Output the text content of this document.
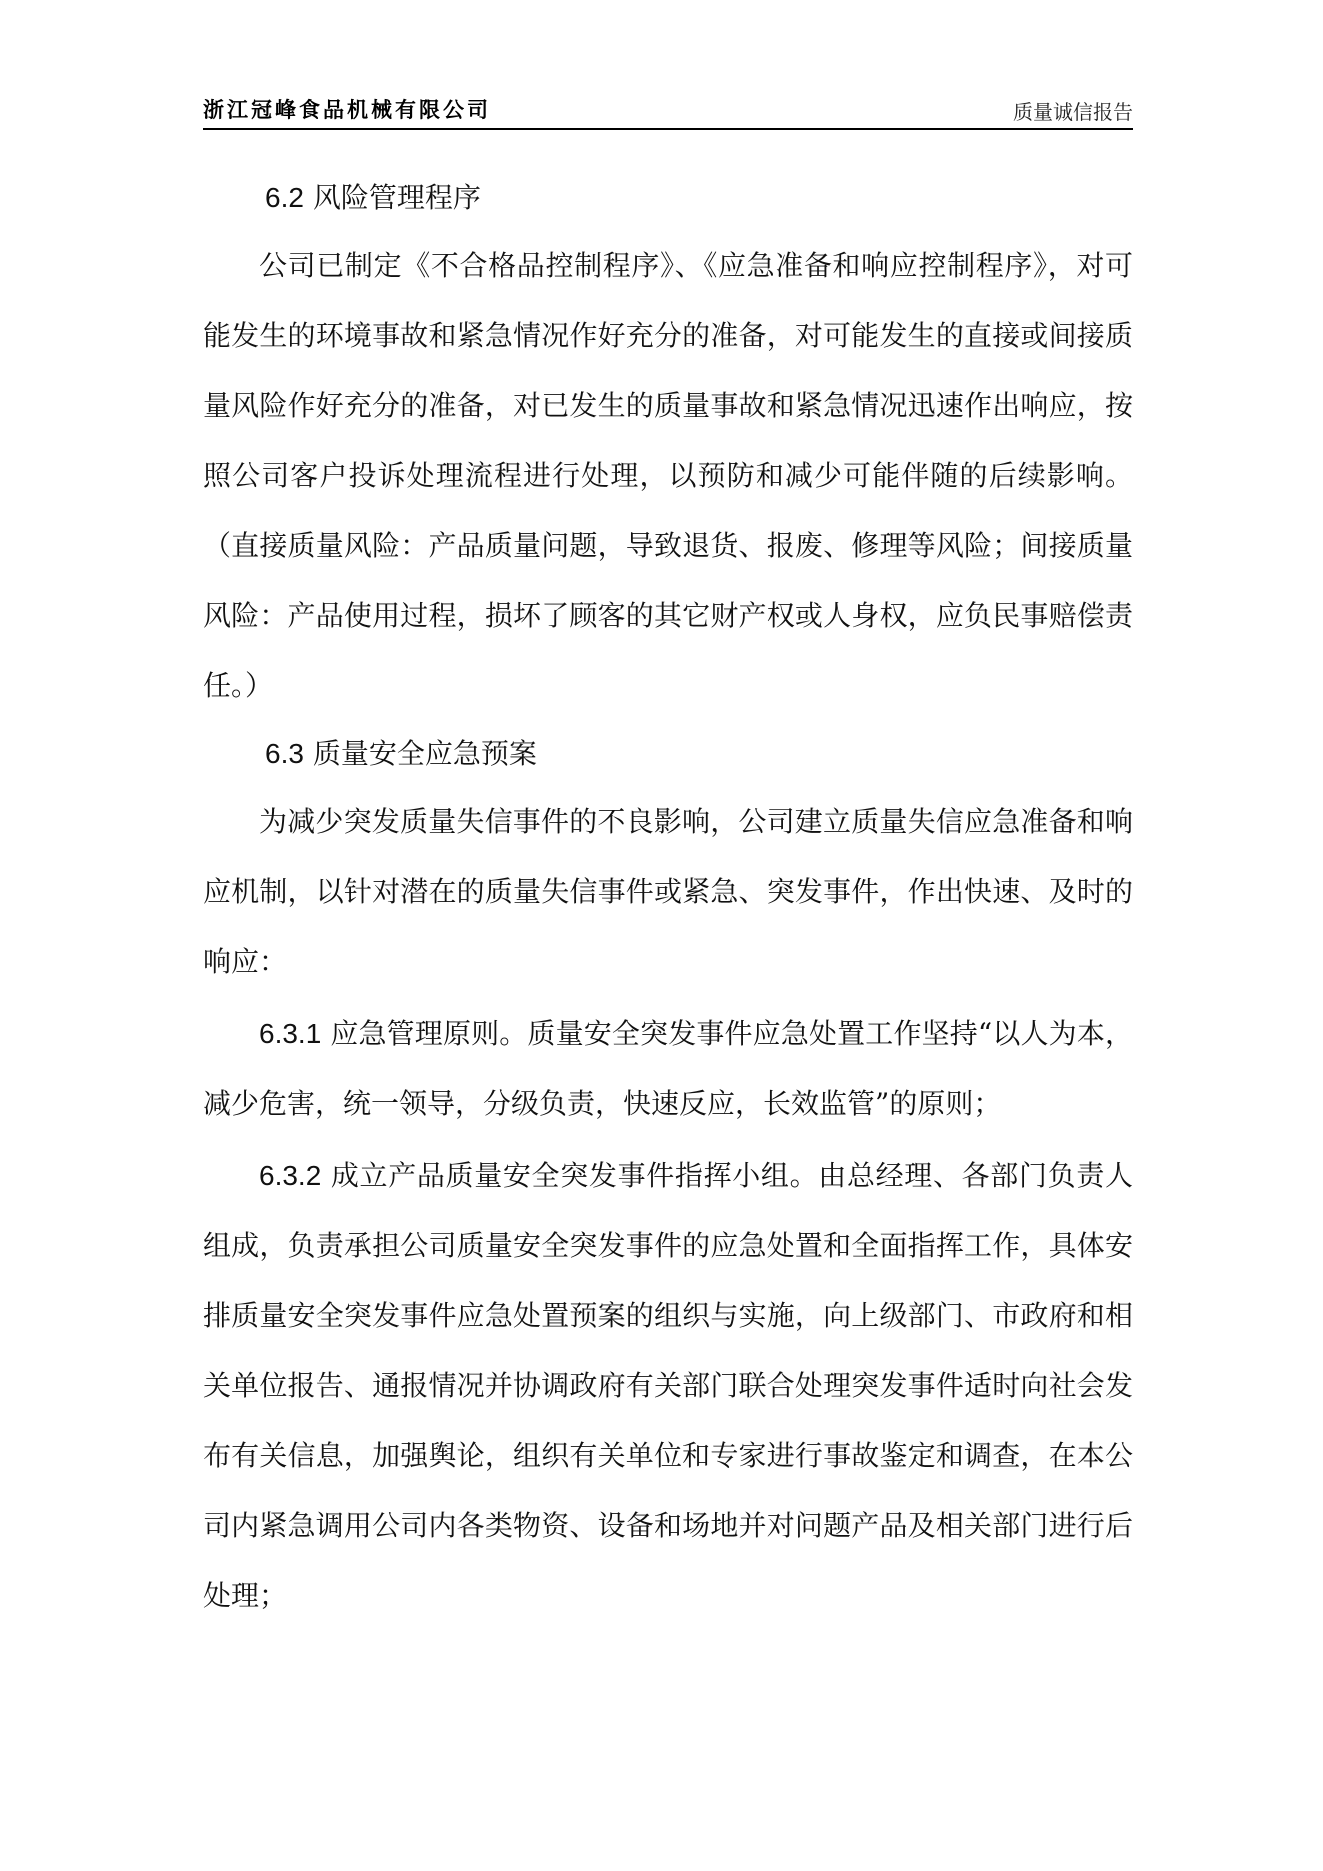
浙江冠峰食品机械有限公司	质量诚信报告
6.2 风险管理程序

公司已制定《不合格品控制程序》、《应急准备和响应控制程序》，对可能发生的环境事故和紧急情况作好充分的准备，对可能发生的直接或间接质量风险作好充分的准备，对已发生的质量事故和紧急情况迅速作出响应，按照公司客户投诉处理流程进行处理，以预防和减少可能伴随的后续影响。（直接质量风险：产品质量问题，导致退货、报废、修理等风险；间接质量风险：产品使用过程，损坏了顾客的其它财产权或人身权，应负民事赔偿责任。）

6.3 质量安全应急预案

为减少突发质量失信事件的不良影响，公司建立质量失信应急准备和响应机制，以针对潜在的质量失信事件或紧急、突发事件，作出快速、及时的响应：

6.3.1 应急管理原则。质量安全突发事件应急处置工作坚持“以人为本，减少危害，统一领导，分级负责，快速反应，长效监管”的原则；

6.3.2 成立产品质量安全突发事件指挥小组。由总经理、各部门负责人组成，负责承担公司质量安全突发事件的应急处置和全面指挥工作，具体安排质量安全突发事件应急处置预案的组织与实施，向上级部门、市政府和相关单位报告、通报情况并协调政府有关部门联合处理突发事件适时向社会发布有关信息，加强舆论，组织有关单位和专家进行事故鉴定和调查，在本公司内紧急调用公司内各类物资、设备和场地并对问题产品及相关部门进行后处理；
